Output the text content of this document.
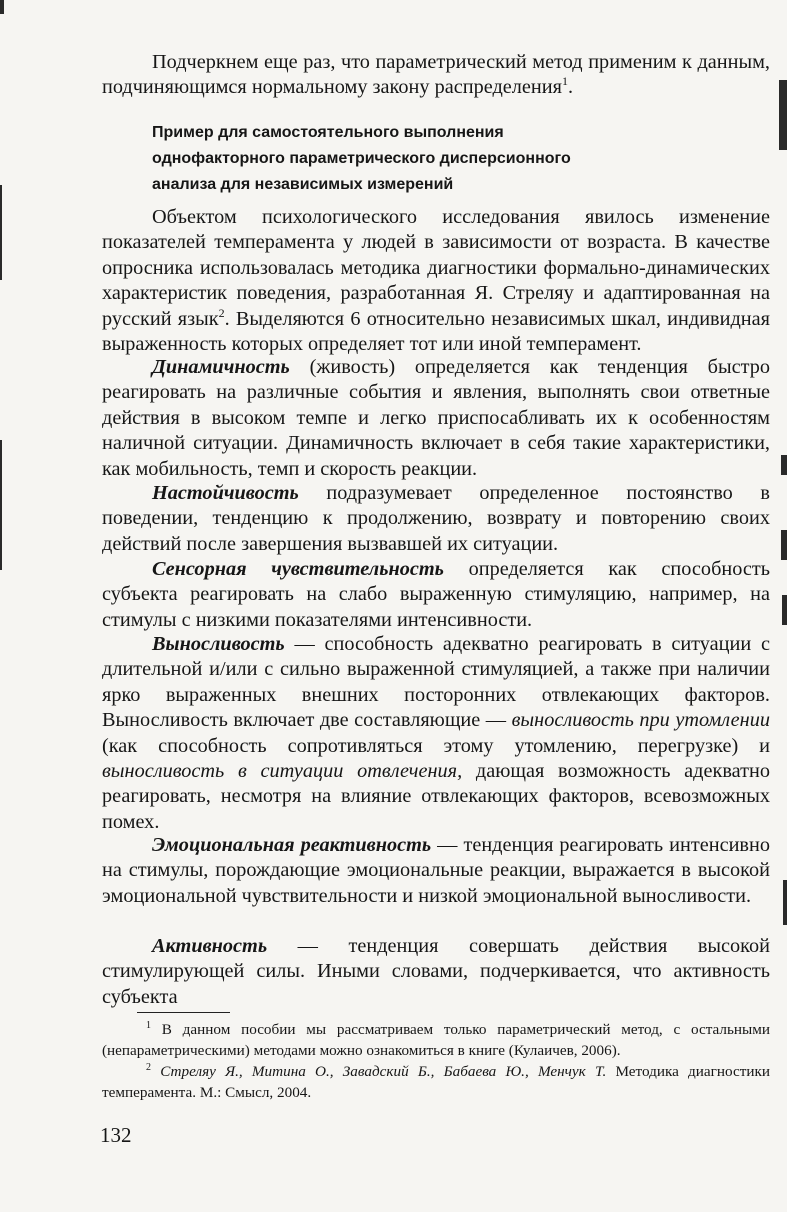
Подчеркнем еще раз, что параметрический метод применим к данным, подчиняющимся нормальному закону распределения$^1$.

Пример для самостоятельного выполнения
однофакторного параметрического дисперсионного
анализа для независимых измерений

Объектом психологического исследования явилось изменение показателей темперамента у людей в зависимости от возраста. В качестве опросника использовалась методика диагностики формально-динамических характеристик поведения, разработанная Я. Стреляу и адаптированная на русский язык$^2$. Выделяются 6 относительно независимых шкал, индивидная выраженность которых определяет тот или иной темперамент.

Динамичность (живость) определяется как тенденция быстро реагировать на различные события и явления, выполнять свои ответные действия в высоком темпе и легко приспосабливать их к особенностям наличной ситуации. Динамичность включает в себя такие характеристики, как мобильность, темп и скорость реакции.

Настойчивость подразумевает определенное постоянство в поведении, тенденцию к продолжению, возврату и повторению своих действий после завершения вызвавшей их ситуации.

Сенсорная чувствительность определяется как способность субъекта реагировать на слабо выраженную стимуляцию, например, на стимулы с низкими показателями интенсивности.

Выносливость — способность адекватно реагировать в ситуации с длительной и/или с сильно выраженной стимуляцией, а также при наличии ярко выраженных внешних посторонних отвлекающих факторов. Выносливость включает две составляющие — выносливость при утомлении (как способность сопротивляться этому утомлению, перегрузке) и выносливость в ситуации отвлечения, дающая возможность адекватно реагировать, несмотря на влияние отвлекающих факторов, всевозможных помех.

Эмоциональная реактивность — тенденция реагировать интенсивно на стимулы, порождающие эмоциональные реакции, выражается в высокой эмоциональной чувствительности и низкой эмоциональной выносливости.

Активность — тенденция совершать действия высокой стимулирующей силы. Иными словами, подчеркивается, что активность субъекта

$^1$ В данном пособии мы рассматриваем только параметрический метод, с остальными (непараметрическими) методами можно ознакомиться в книге (Кулаичев, 2006).

$^2$ Стреляу Я., Митина О., Завадский Б., Бабаева Ю., Менчук Т. Методика диагностики темперамента. М.: Смысл, 2004.

132
